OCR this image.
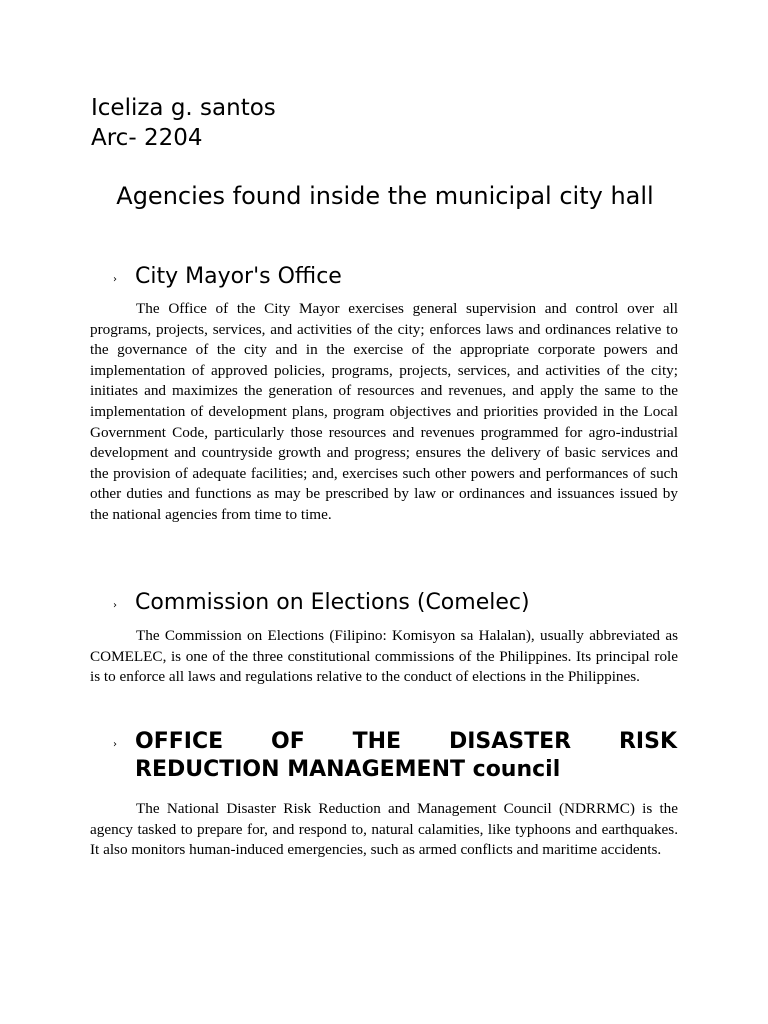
Iceliza g. santos

Arc- 2204

Agencies found inside the municipal city hall
› City Mayor's Office

The Office of the City Mayor exercises general supervision and control over all programs, projects, services, and activities of the city; enforces laws and ordinances relative to the governance of the city and in the exercise of the appropriate corporate powers and implementation of approved policies, programs, projects, services, and activities of the city; initiates and maximizes the generation of resources and revenues, and apply the same to the implementation of development plans, program objectives and priorities provided in the Local Government Code, particularly those resources and revenues programmed for agro-industrial development and countryside growth and progress; ensures the delivery of basic services and the provision of adequate facilities; and, exercises such other powers and performances of such other duties and functions as may be prescribed by law or ordinances and issuances issued by the national agencies from time to time.

› Commission on Elections (Comelec)

The Commission on Elections (Filipino: Komisyon sa Halalan), usually abbreviated as COMELEC, is one of the three constitutional commissions of the Philippines. Its principal role is to enforce all laws and regulations relative to the conduct of elections in the Philippines.

› OFFICE OF THE DISASTER RISK
REDUCTION MANAGEMENT council

The National Disaster Risk Reduction and Management Council (NDRRMC) is the agency tasked to prepare for, and respond to, natural calamities, like typhoons and earthquakes. It also monitors human-induced emergencies, such as armed conflicts and maritime accidents.
